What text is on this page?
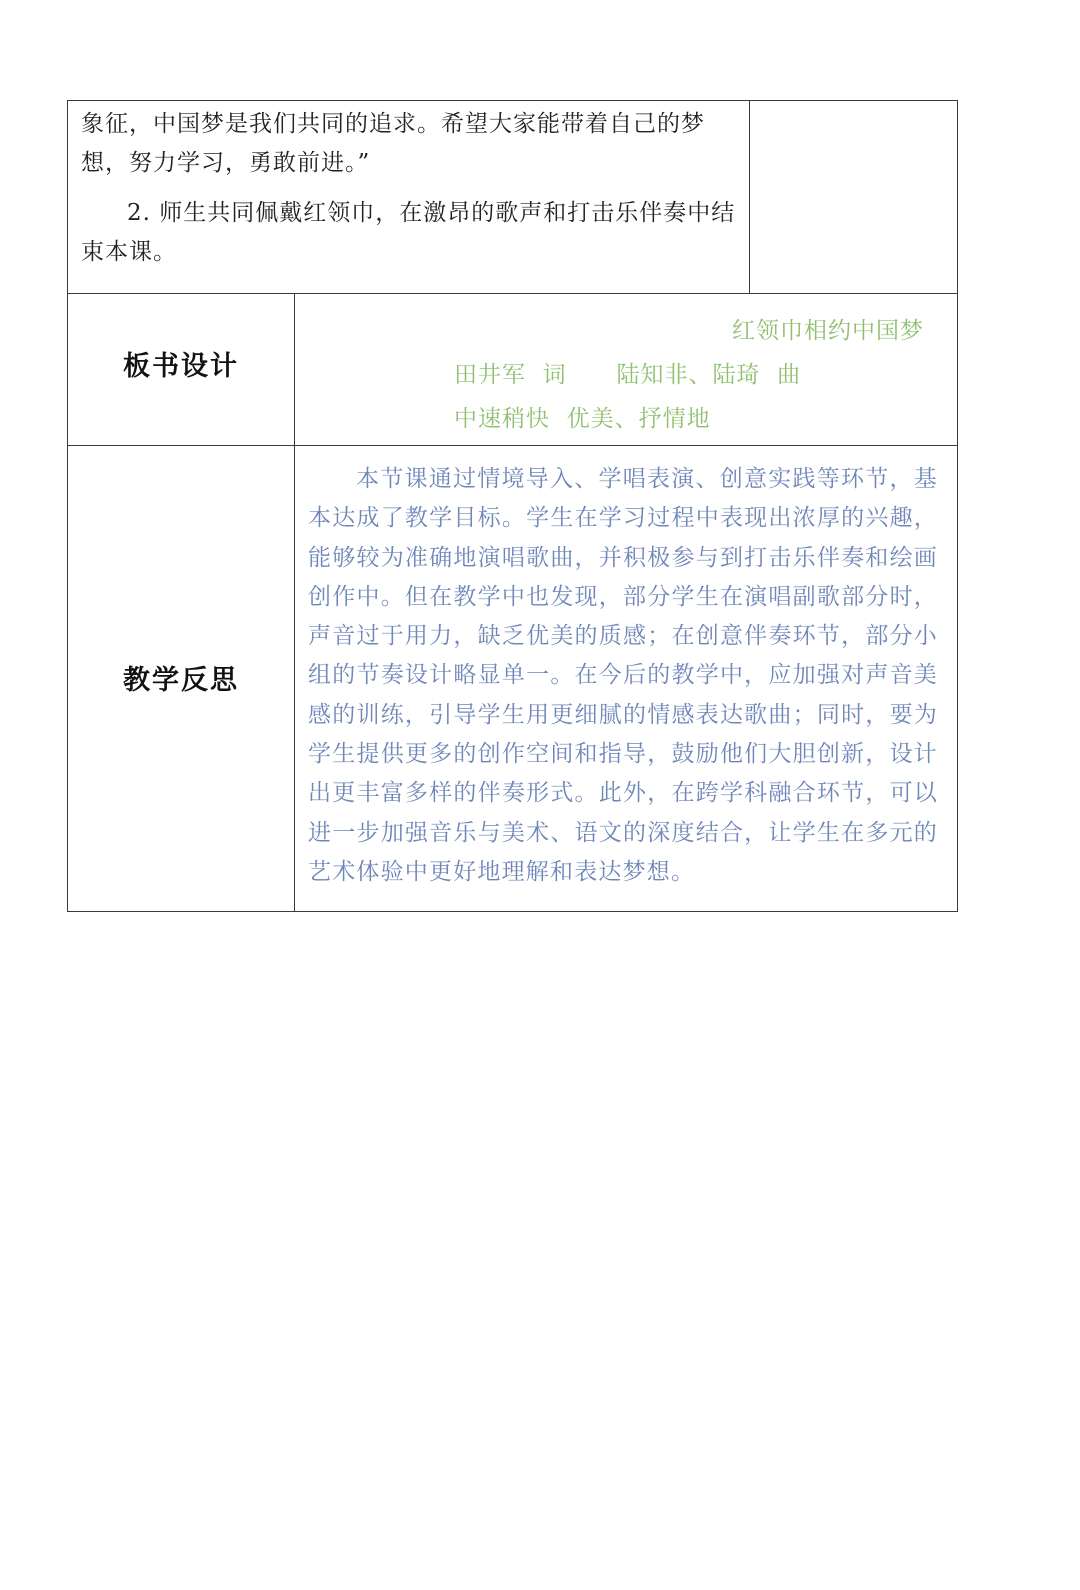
象征，中国梦是我们共同的追求。希望大家能带着自己的梦想，努力学习，勇敢前进。”

2. 师生共同佩戴红领巾，在激昂的歌声和打击乐伴奏中结束本课。

板书设计
红领巾相约中国梦
田井军  词      陆知非、陆琦  曲
中速稍快  优美、抒情地
教学反思
本节课通过情境导入、学唱表演、创意实践等环节，基本达成了教学目标。学生在学习过程中表现出浓厚的兴趣，能够较为准确地演唱歌曲，并积极参与到打击乐伴奏和绘画创作中。但在教学中也发现，部分学生在演唱副歌部分时，声音过于用力，缺乏优美的质感；在创意伴奏环节，部分小组的节奏设计略显单一。在今后的教学中，应加强对声音美感的训练，引导学生用更细腻的情感表达歌曲；同时，要为学生提供更多的创作空间和指导，鼓励他们大胆创新，设计出更丰富多样的伴奏形式。此外，在跨学科融合环节，可以进一步加强音乐与美术、语文的深度结合，让学生在多元的艺术体验中更好地理解和表达梦想。
